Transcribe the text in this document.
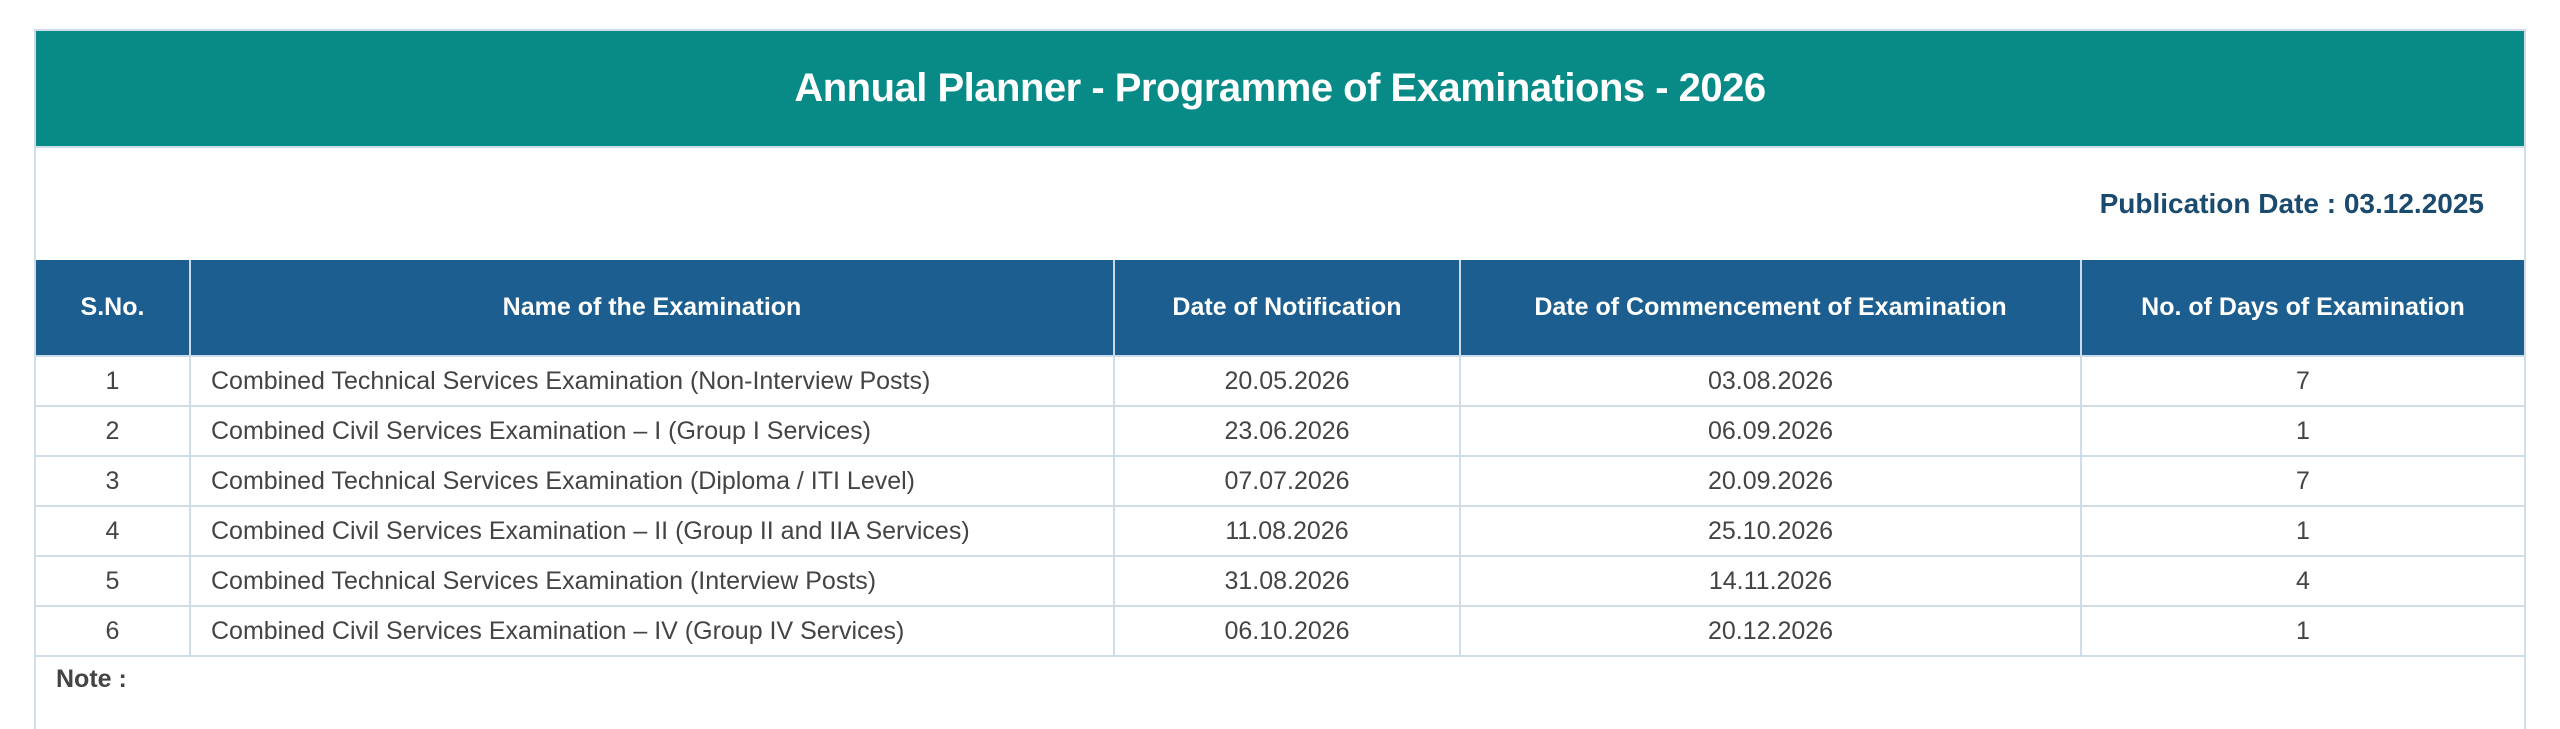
Annual Planner - Programme of Examinations - 2026
Publication Date : 03.12.2025
S.No.	Name of the Examination	Date of Notification	Date of Commencement of Examination	No. of Days of Examination
1	Combined Technical Services Examination (Non-Interview Posts)	20.05.2026	03.08.2026	7
2	Combined Civil Services Examination – I (Group I Services)	23.06.2026	06.09.2026	1
3	Combined Technical Services Examination (Diploma / ITI Level)	07.07.2026	20.09.2026	7
4	Combined Civil Services Examination – II (Group II and IIA Services)	11.08.2026	25.10.2026	1
5	Combined Technical Services Examination (Interview Posts)	31.08.2026	14.11.2026	4
6	Combined Civil Services Examination – IV (Group IV Services)	06.10.2026	20.12.2026	1
Note :
